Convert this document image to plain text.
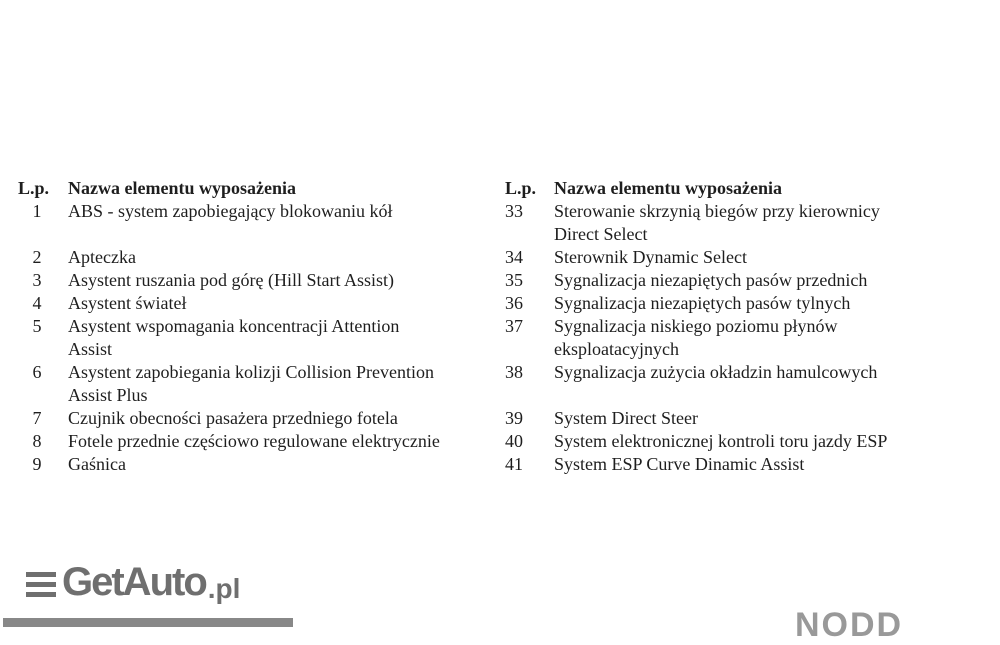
L.p.	Nazwa elementu wyposażenia
1	ABS - system zapobiegający blokowaniu kół
2	Apteczka
3	Asystent ruszania pod górę (Hill Start Assist)
4	Asystent świateł
5	Asystent wspomagania koncentracji Attention
Assist
6	Asystent zapobiegania kolizji Collision Prevention
Assist Plus
7	Czujnik obecności pasażera przedniego fotela
8	Fotele przednie częściowo regulowane elektrycznie
9	Gaśnica
L.p. Nazwa elementu wyposażenia
33	Sterowanie skrzynią biegów przy kierownicy
Direct Select
34	Sterownik Dynamic Select
35	Sygnalizacja niezapiętych pasów przednich
36	Sygnalizacja niezapiętych pasów tylnych
37	Sygnalizacja niskiego poziomu płynów
eksploatacyjnych
38	Sygnalizacja zużycia okładzin hamulcowych
39	System Direct Steer
40	System elektronicznej kontroli toru jazdy ESP
41	System ESP Curve Dinamic Assist
GetAuto .pl
NODD
